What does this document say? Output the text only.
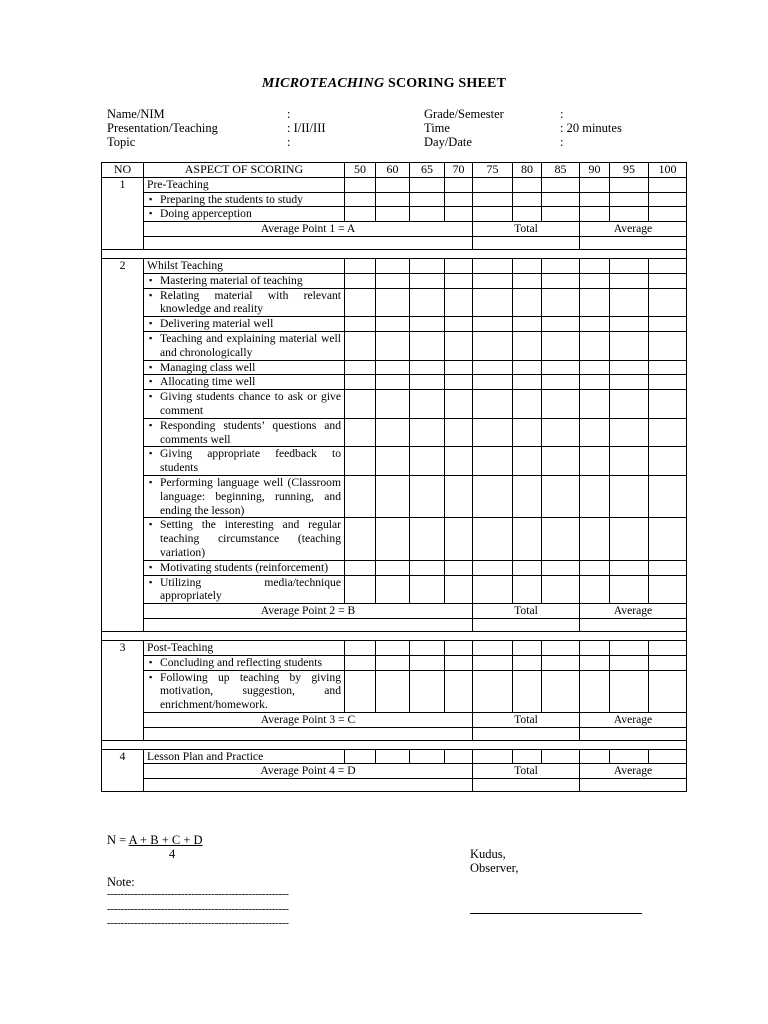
MICROTEACHING SCORING SHEET
Name/NIM	:
Presentation/Teaching	: I/II/III
Topic	:
Grade/Semester	:
Time	: 20 minutes
Day/Date	:
NO	ASPECT OF SCORING	50	60	65	70	75	80	85	90	95	100
1	Pre-Teaching										

	▪ Preparing the students to study										

	▪ Doing apperception										

	Average Point 1 = A					Total			Average		

2	Whilst Teaching										

	▪ Mastering material of teaching										

	▪ Relating material with relevant knowledge and reality										

	▪ Delivering material well										

	▪ Teaching and explaining material well and chronologically										

	▪ Managing class well										

	▪ Allocating time well										

	▪ Giving students chance to ask or give comment										

	▪ Responding students’ questions and comments well										

	▪ Giving appropriate feedback to students										

	▪ Performing language well (Classroom language: beginning, running, and ending the lesson)										

	▪ Setting the interesting and regular teaching circumstance (teaching variation)										

	▪ Motivating students (reinforcement)										

	▪ Utilizing media/technique appropriately										

	Average Point 2 = B					Total			Average		

3	Post-Teaching										

	▪ Concluding and reflecting students										

	▪ Following up teaching by giving motivation, suggestion, and enrichment/homework.										

	Average Point 3 = C					Total			Average		

4	Lesson Plan and Practice										
	Average Point 4 = D					Total			Average		

N = A + B + C + D
4	Kudus,
Observer,
Note:
------------------------------------------------------
------------------------------------------------------
------------------------------------------------------
